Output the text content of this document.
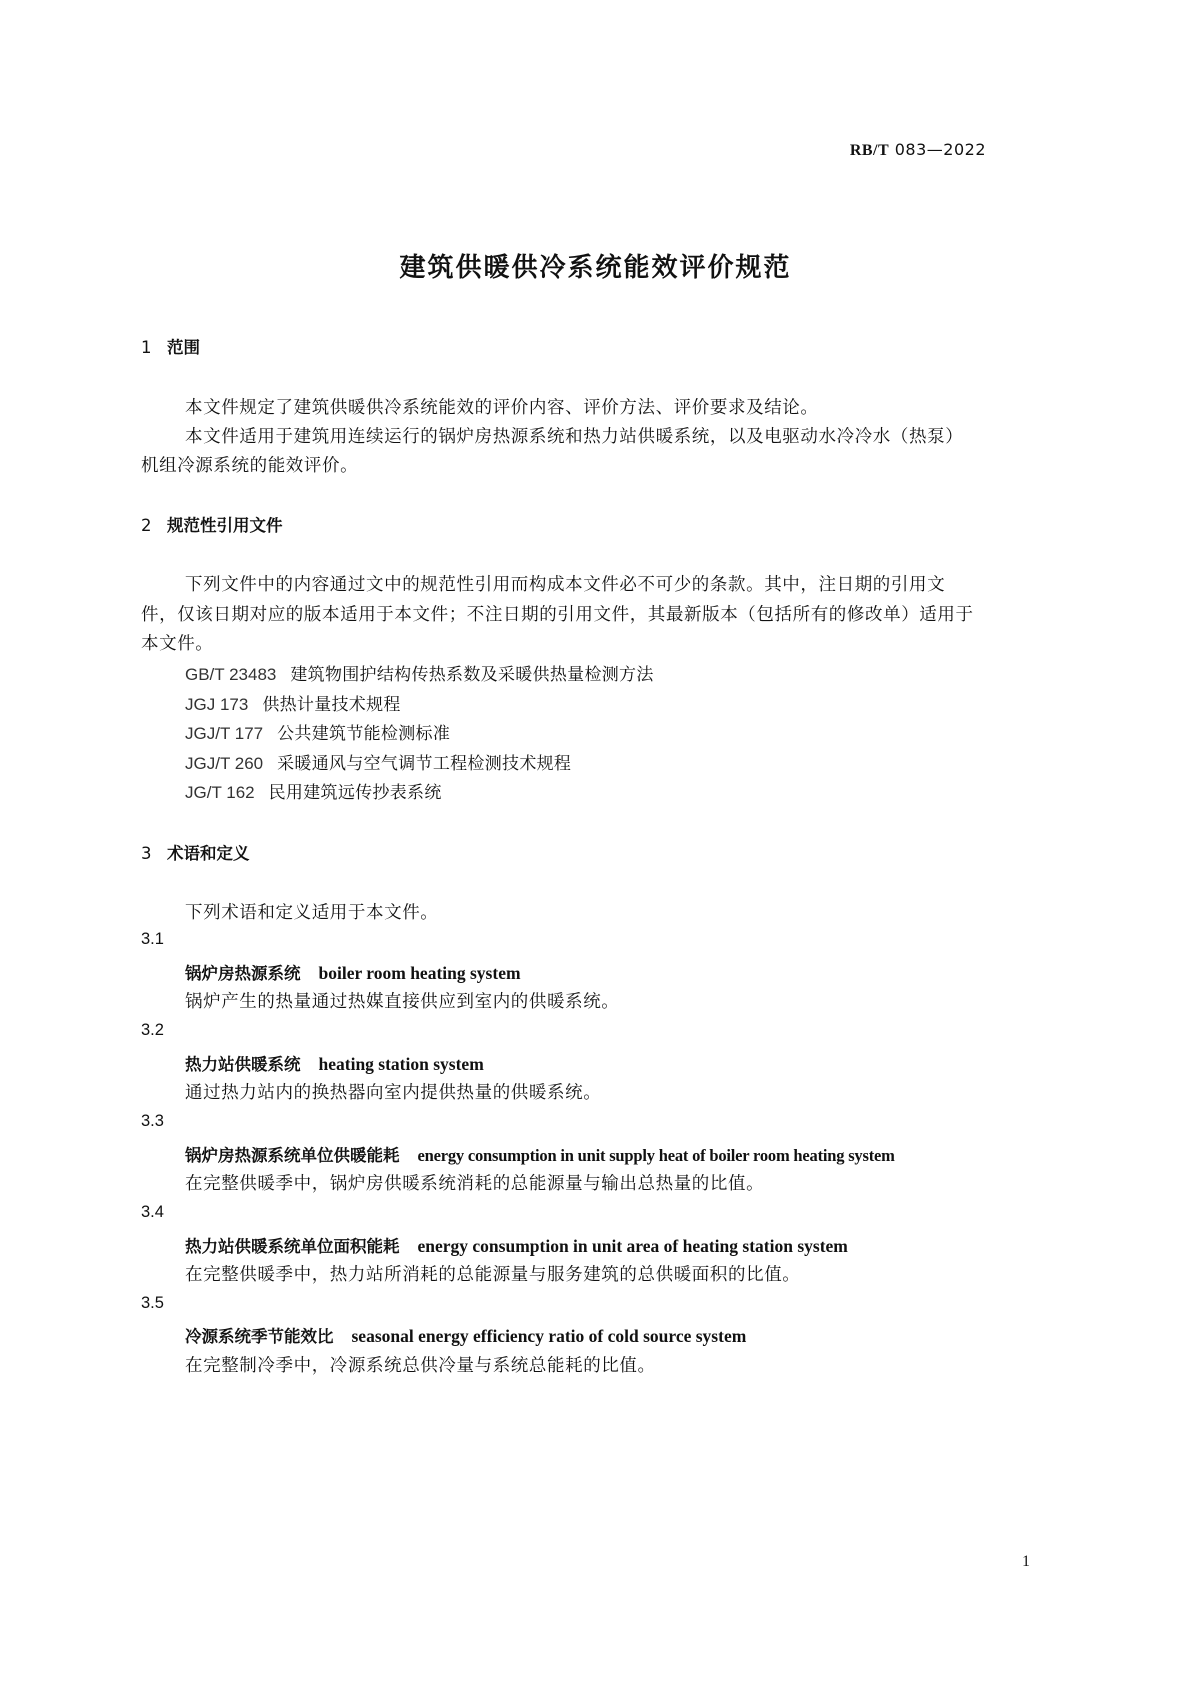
RB/T 083—2022
建筑供暖供冷系统能效评价规范
1 范围
本文件规定了建筑供暖供冷系统能效的评价内容、评价方法、评价要求及结论。
本文件适用于建筑用连续运行的锅炉房热源系统和热力站供暖系统，以及电驱动水冷冷水（热泵）
机组冷源系统的能效评价。
2 规范性引用文件
下列文件中的内容通过文中的规范性引用而构成本文件必不可少的条款。其中，注日期的引用文
件，仅该日期对应的版本适用于本文件；不注日期的引用文件，其最新版本（包括所有的修改单）适用于
本文件。
GB/T 23483 建筑物围护结构传热系数及采暖供热量检测方法
JGJ 173 供热计量技术规程
JGJ/T 177 公共建筑节能检测标准
JGJ/T 260 采暖通风与空气调节工程检测技术规程
JG/T 162 民用建筑远传抄表系统
3 术语和定义
下列术语和定义适用于本文件。
3.1
锅炉房热源系统 boiler room heating system
锅炉产生的热量通过热媒直接供应到室内的供暖系统。
3.2
热力站供暖系统 heating station system
通过热力站内的换热器向室内提供热量的供暖系统。
3.3
锅炉房热源系统单位供暖能耗 energy consumption in unit supply heat of boiler room heating system
在完整供暖季中，锅炉房供暖系统消耗的总能源量与输出总热量的比值。
3.4
热力站供暖系统单位面积能耗 energy consumption in unit area of heating station system
在完整供暖季中，热力站所消耗的总能源量与服务建筑的总供暖面积的比值。
3.5
冷源系统季节能效比 seasonal energy efficiency ratio of cold source system
在完整制冷季中，冷源系统总供冷量与系统总能耗的比值。
1
